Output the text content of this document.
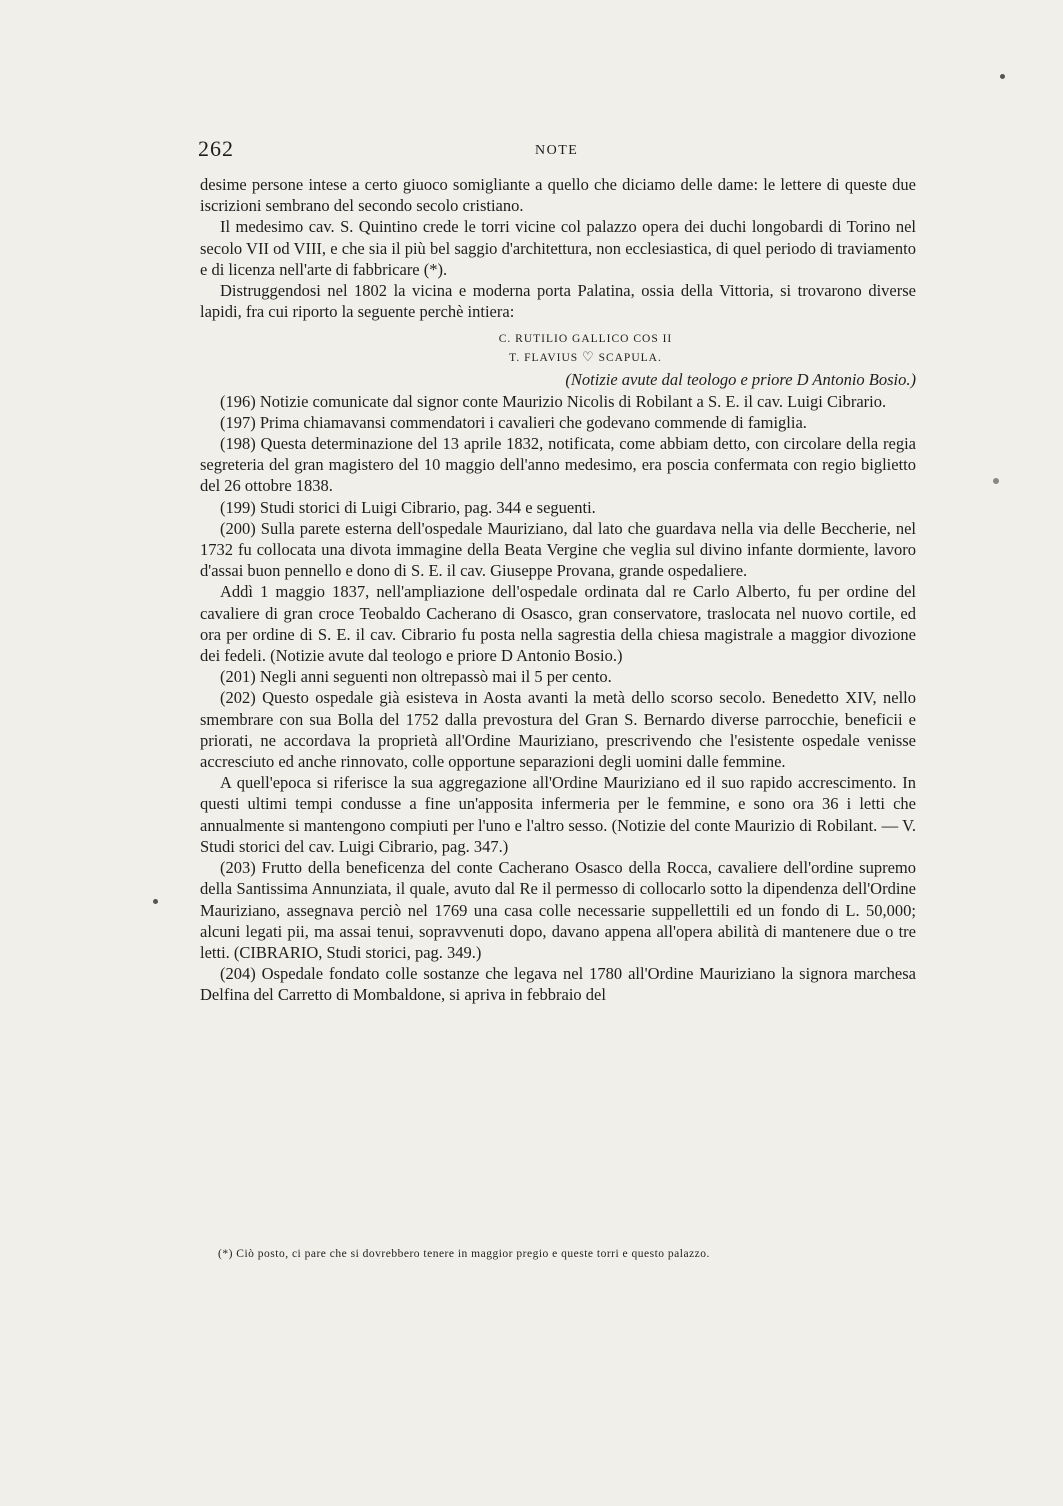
262	NOTE

desime persone intese a certo giuoco somigliante a quello che diciamo delle dame: le lettere di queste due iscrizioni sembrano del secondo secolo cristiano.

Il medesimo cav. S. Quintino crede le torri vicine col palazzo opera dei duchi longobardi di Torino nel secolo VII od VIII, e che sia il più bel saggio d'architettura, non ecclesiastica, di quel periodo di traviamento e di licenza nell'arte di fabbricare (*).

Distruggendosi nel 1802 la vicina e moderna porta Palatina, ossia della Vittoria, si trovarono diverse lapidi, fra cui riporto la seguente perchè intiera:

C. RUTILIO GALLICO COS II
T. FLAVIUS ♡ SCAPULA.

(Notizie avute dal teologo e priore D Antonio Bosio.)

(196) Notizie comunicate dal signor conte Maurizio Nicolis di Robilant a S. E. il cav. Luigi Cibrario.

(197) Prima chiamavansi commendatori i cavalieri che godevano commende di famiglia.

(198) Questa determinazione del 13 aprile 1832, notificata, come abbiam detto, con circolare della regia segreteria del gran magistero del 10 maggio dell'anno medesimo, era poscia confermata con regio biglietto del 26 ottobre 1838.

(199) Studi storici di Luigi Cibrario, pag. 344 e seguenti.

(200) Sulla parete esterna dell'ospedale Mauriziano, dal lato che guardava nella via delle Beccherie, nel 1732 fu collocata una divota immagine della Beata Vergine che veglia sul divino infante dormiente, lavoro d'assai buon pennello e dono di S. E. il cav. Giuseppe Provana, grande ospedaliere.

Addì 1 maggio 1837, nell'ampliazione dell'ospedale ordinata dal re Carlo Alberto, fu per ordine del cavaliere di gran croce Teobaldo Cacherano di Osasco, gran conservatore, traslocata nel nuovo cortile, ed ora per ordine di S. E. il cav. Cibrario fu posta nella sagrestia della chiesa magistrale a maggior divozione dei fedeli. (Notizie avute dal teologo e priore D Antonio Bosio.)

(201) Negli anni seguenti non oltrepassò mai il 5 per cento.

(202) Questo ospedale già esisteva in Aosta avanti la metà dello scorso secolo. Benedetto XIV, nello smembrare con sua Bolla del 1752 dalla prevostura del Gran S. Bernardo diverse parrocchie, beneficii e priorati, ne accordava la proprietà all'Ordine Mauriziano, prescrivendo che l'esistente ospedale venisse accresciuto ed anche rinnovato, colle opportune separazioni degli uomini dalle femmine.

A quell'epoca si riferisce la sua aggregazione all'Ordine Mauriziano ed il suo rapido accrescimento. In questi ultimi tempi condusse a fine un'apposita infermeria per le femmine, e sono ora 36 i letti che annualmente si mantengono compiuti per l'uno e l'altro sesso. (Notizie del conte Maurizio di Robilant. — V. Studi storici del cav. Luigi Cibrario, pag. 347.)

(203) Frutto della beneficenza del conte Cacherano Osasco della Rocca, cavaliere dell'ordine supremo della Santissima Annunziata, il quale, avuto dal Re il permesso di collocarlo sotto la dipendenza dell'Ordine Mauriziano, assegnava perciò nel 1769 una casa colle necessarie suppellettili ed un fondo di L. 50,000; alcuni legati pii, ma assai tenui, sopravvenuti dopo, davano appena all'opera abilità di mantenere due o tre letti. (CIBRARIO, Studi storici, pag. 349.)

(204) Ospedale fondato colle sostanze che legava nel 1780 all'Ordine Mauriziano la signora marchesa Delfina del Carretto di Mombaldone, si apriva in febbraio del

(*) Ciò posto, ci pare che si dovrebbero tenere in maggior pregio e queste torri e questo palazzo.
